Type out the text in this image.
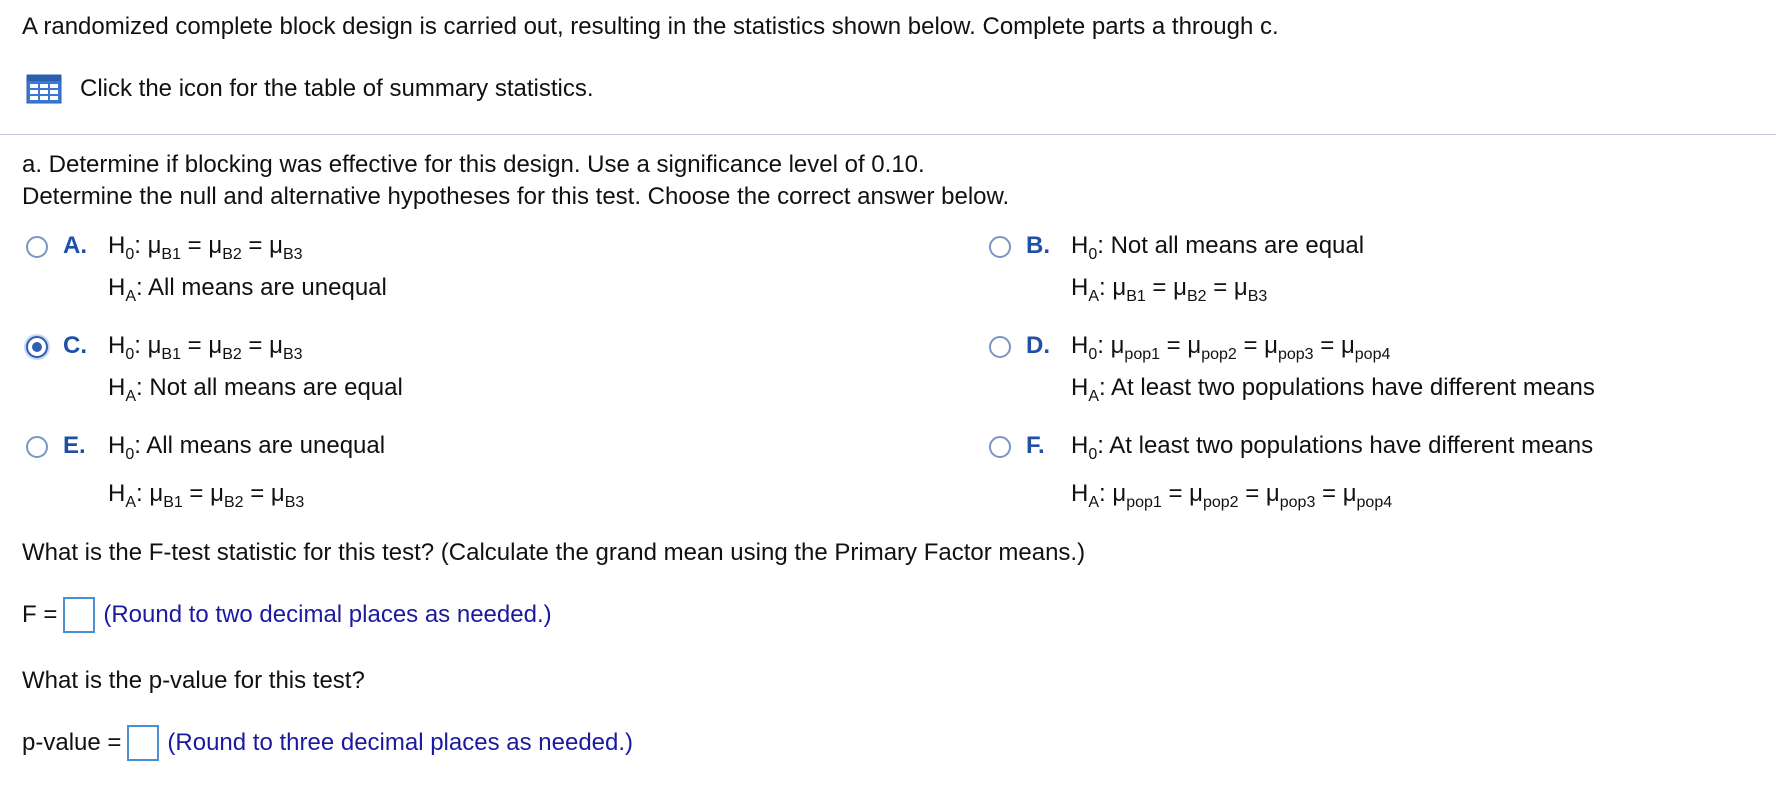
A randomized complete block design is carried out, resulting in the statistics shown below. Complete parts a through c.
Click the icon for the table of summary statistics.
a. Determine if blocking was effective for this design. Use a significance level of 0.10.
Determine the null and alternative hypotheses for this test. Choose the correct answer below.
A. $H_0$: $\mu_{B1} = \mu_{B2} = \mu_{B3}$
$H_A$: All means are unequal
B. $H_0$: Not all means are equal
$H_A$: $\mu_{B1} = \mu_{B2} = \mu_{B3}$
C. $H_0$: $\mu_{B1} = \mu_{B2} = \mu_{B3}$
$H_A$: Not all means are equal
D. $H_0$: $\mu_{pop1} = \mu_{pop2} = \mu_{pop3} = \mu_{pop4}$
$H_A$: At least two populations have different means
E. $H_0$: All means are unequal
$H_A$: $\mu_{B1} = \mu_{B2} = \mu_{B3}$
F. $H_0$: At least two populations have different means
$H_A$: $\mu_{pop1} = \mu_{pop2} = \mu_{pop3} = \mu_{pop4}$
What is the F-test statistic for this test? (Calculate the grand mean using the Primary Factor means.)
F = (Round to two decimal places as needed.)
What is the p-value for this test?
p-value = (Round to three decimal places as needed.)
